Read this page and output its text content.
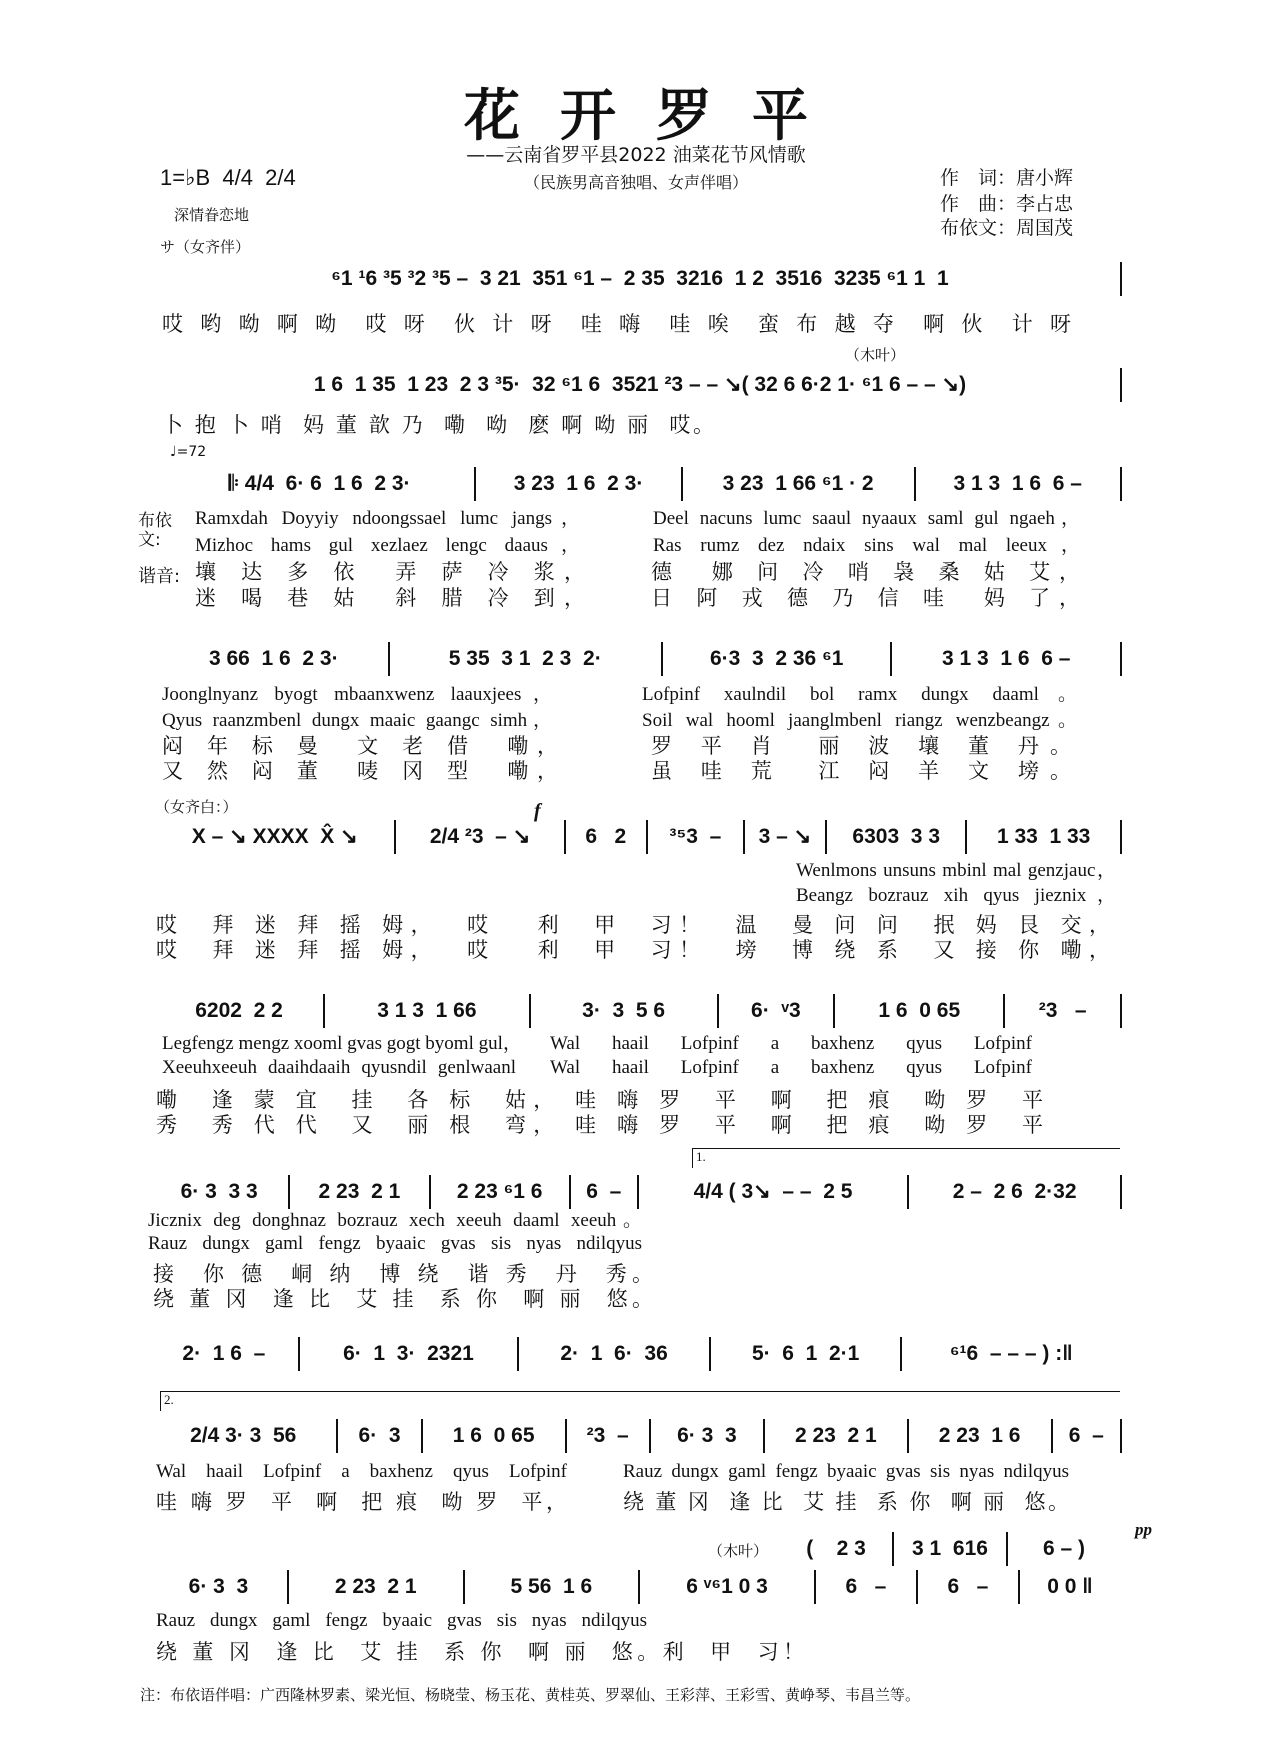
花开罗平
——云南省罗平县2022 油菜花节风情歌
（民族男高音独唱、女声伴唱）
1=♭B  4/4  2/4
深情眷恋地
作　词：唐小辉
作　曲：李占忠
布依文：周国茂
サ（女齐伴）
（木叶）
♩=72
布依文:
谐音:
（女齐白：）	f
1.
2.
（木叶）
pp
⁶1 ¹6 ³5 ³2 ³5 –  3 21  351 ⁶1 –  2 35  3216  1 2  3516  3235 ⁶1 1  1
哎 哟 呦 啊 呦  哎 呀  伙 计 呀  哇 嗨  哇 唉  蛮 布 越 夺  啊 伙  计 呀
1 6  1 35  1 23  2 3 ³5·  32 ⁶1 6  3521 ²3 – – ↘( 32 6 6·2 1· ⁶1 6 – – ↘)
卜 抱 卜 哨  妈 董 歆 乃  嘞  呦  麽 啊 呦 丽  哎。
𝄆 4/4  6· 6  1 6  2 3·	3 23  1 6  2 3·	3 23  1 66 ⁶1 · 2	3 1 3  1 6  6 –
Ramxdah Doyyiy ndoongssael lumc jangs，	Deel nacuns lumc saaul nyaaux saml gul ngaeh，
Mizhoc hams gul xezlaez lengc daaus，	Ras rumz dez ndaix sins wal mal leeux，
壤 达 多 依  弄 萨 冷 浆，	德  娜 问 冷 哨 袅 桑 姑 艾，
迷 喝 巷 姑  斜 腊 冷 到，	日 阿 戎 德 乃 信 哇  妈 了，
3 66  1 6  2 3·	5 35  3 1  2 3  2·	6·3  3  2 36 ⁶1	3 1 3  1 6  6 –
Joonglnyanz byogt mbaanxwenz laauxjees，	Lofpinf xaulndil bol ramx dungx daaml。
Qyus raanzmbenl dungx maaic gaangc simh，	Soil wal hooml jaanglmbenl riangz wenzbeangz。
闷 年 标 曼  文 老 借  嘞，	罗 平 肖  丽 波 壤 董 丹。
又 然 闷 董  唛 冈 型  嘞，	虽 哇 荒  江 闷 羊 文 塝。
X – ↘ XXXX  X̂ ↘	2/4 ²3  – ↘	6   2	³⁵3  –	3 – ↘	6303  3 3	1 33  1 33
Wenlmons unsuns mbinl mal genzjauc，
Beangz bozrauz xih qyus jieznix，
哎  拜 迷 拜 摇 姆，  哎   利  甲  习！  温  曼 问 问  抿 妈 艮 交，
哎  拜 迷 拜 摇 姆，  哎   利  甲  习！  塝  博 绕 系  又 接 你 嘞，
6202  2 2	3 1 3  1 66	3·  3  5 6	6·  ᵛ3	1 6  0 65	²3   –
Legfengz mengz xooml gvas gogt byoml gul， Wal haail Lofpinf a baxhenz qyus Lofpinf
Xeeuhxeeuh daaihdaaih qyusndil genlwaanl Wal haail Lofpinf a baxhenz qyus Lofpinf
嘞  逢 蒙 宜  挂  各 标  姑， 哇 嗨 罗  平  啊  把 痕  呦 罗  平
秀  秀 代 代  又  丽 根  弯， 哇 嗨 罗  平  啊  把 痕  呦 罗  平
6· 3  3 3	2 23  2 1	2 23 ⁶1 6	6  –	4/4 ( 3↘  – –  2 5	2 –  2 6  2·32
Jicznix deg donghnaz bozrauz xech xeeuh daaml xeeuh。
Rauz dungx gaml fengz byaaic gvas sis nyas ndilqyus
接  你 德  峒 纳  博 绕  谐 秀  丹  秀。
绕 董 冈  逢 比  艾 挂  系 你  啊 丽  悠。
2·  1 6  –	6·  1  3·  2321	2·  1  6·  36	5·  6  1  2·1	⁶¹6  – – – ) :‖
2/4 3· 3  56	6·  3	1 6  0 65	²3  –	6· 3  3	2 23  2 1	2 23  1 6	6  –
Wal haail Lofpinf a baxhenz qyus Lofpinf	Rauz dungx gaml fengz byaaic gvas sis nyas ndilqyus
哇 嗨 罗  平  啊  把 痕  呦 罗  平，	绕 董 冈  逢 比  艾 挂  系 你  啊 丽  悠。
6· 3  3	2 23  2 1	5 56  1 6	6 ᵛ⁶1 0 3	6   –	6   –	0 0 ‖
(    2 3	3 1  616	6 – )
Rauz dungx gaml fengz byaaic gvas sis nyas ndilqyus
绕 董 冈  逢 比  艾 挂  系 你  啊 丽  悠。利  甲  习！
注：布依语伴唱：广西隆林罗素、梁光恒、杨晓莹、杨玉花、黄桂英、罗翠仙、王彩萍、王彩雪、黄峥琴、韦昌兰等。
